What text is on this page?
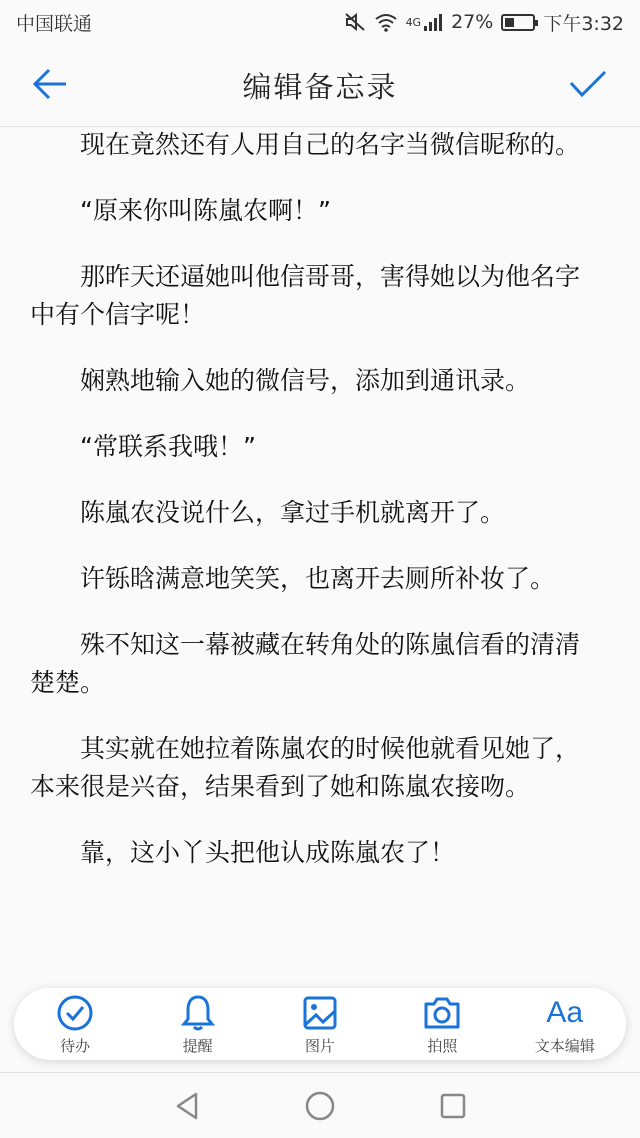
中国联通	4G 27%	下午3:32
编辑备忘录

现在竟然还有人用自己的名字当微信昵称的。

“原来你叫陈嵐农啊！”

那昨天还逼她叫他信哥哥，害得她以为他名字中有个信字呢！

娴熟地输入她的微信号，添加到通讯录。

“常联系我哦！”

陈嵐农没说什么，拿过手机就离开了。

许铄晗满意地笑笑，也离开去厕所补妆了。

殊不知这一幕被藏在转角处的陈嵐信看的清清楚楚。

其实就在她拉着陈嵐农的时候他就看见她了，本来很是兴奋，结果看到了她和陈嵐农接吻。

靠，这小丫头把他认成陈嵐农了！

待办	提醒	图片	拍照
Aa
文本编辑
